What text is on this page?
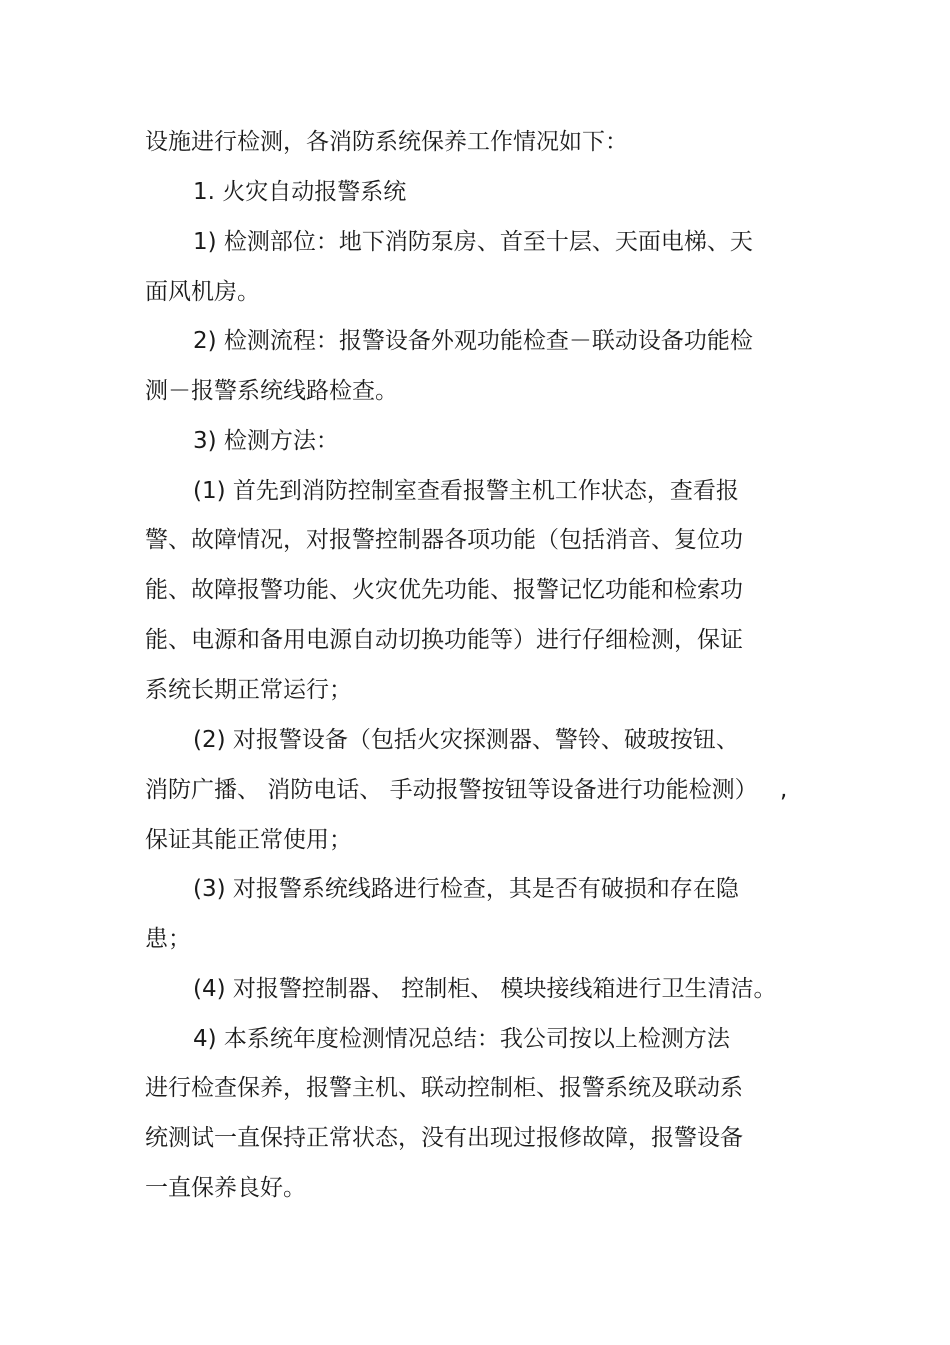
设施进行检测，各消防系统保养工作情况如下：
1. 火灾自动报警系统
1) 检测部位：地下消防泵房、首至十层、天面电梯、天
面风机房。
2) 检测流程：报警设备外观功能检查－联动设备功能检
测－报警系统线路检查。
3) 检测方法：
(1) 首先到消防控制室查看报警主机工作状态，查看报
警、故障情况，对报警控制器各项功能（包括消音、复位功
能、故障报警功能、火灾优先功能、报警记忆功能和检索功
能、电源和备用电源自动切换功能等）进行仔细检测，保证
系统长期正常运行；
(2) 对报警设备（包括火灾探测器、警铃、破玻按钮、
消防广播、 消防电话、 手动报警按钮等设备进行功能检测） ,
保证其能正常使用；
(3) 对报警系统线路进行检查，其是否有破损和存在隐
患；
(4) 对报警控制器、 控制柜、 模块接线箱进行卫生清洁。
4) 本系统年度检测情况总结：我公司按以上检测方法
进行检查保养，报警主机、联动控制柜、报警系统及联动系
统测试一直保持正常状态，没有出现过报修故障，报警设备
一直保养良好。
